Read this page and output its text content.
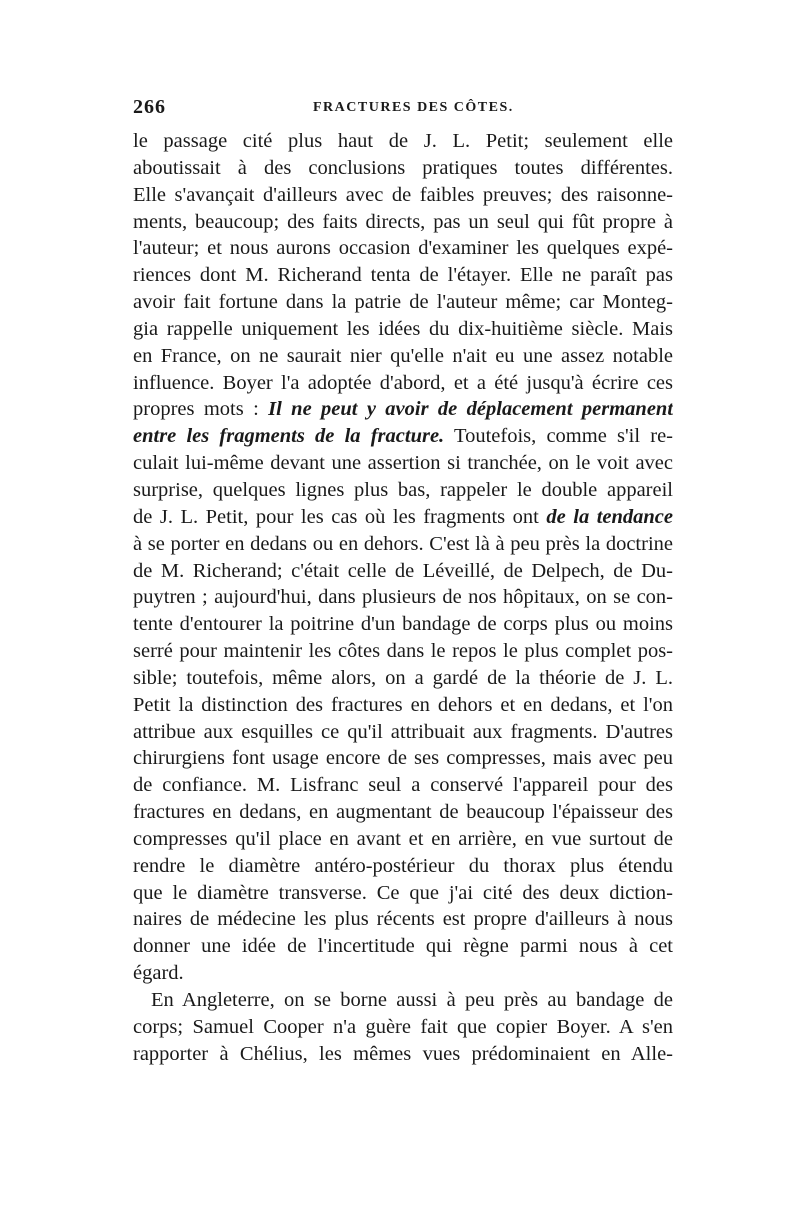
266	FRACTURES DES CÔTES.
le passage cité plus haut de J. L. Petit; seulement elle
aboutissait à des conclusions pratiques toutes différentes.
Elle s'avançait d'ailleurs avec de faibles preuves; des raisonne-
ments, beaucoup; des faits directs, pas un seul qui fût propre à
l'auteur; et nous aurons occasion d'examiner les quelques expé-
riences dont M. Richerand tenta de l'étayer. Elle ne paraît pas
avoir fait fortune dans la patrie de l'auteur même; car Monteg-
gia rappelle uniquement les idées du dix-huitième siècle. Mais
en France, on ne saurait nier qu'elle n'ait eu une assez notable
influence. Boyer l'a adoptée d'abord, et a été jusqu'à écrire ces
propres mots : Il ne peut y avoir de déplacement permanent
entre les fragments de la fracture. Toutefois, comme s'il re-
culait lui-même devant une assertion si tranchée, on le voit avec
surprise, quelques lignes plus bas, rappeler le double appareil
de J. L. Petit, pour les cas où les fragments ont de la tendance
à se porter en dedans ou en dehors. C'est là à peu près la doctrine
de M. Richerand; c'était celle de Léveillé, de Delpech, de Du-
puytren ; aujourd'hui, dans plusieurs de nos hôpitaux, on se con-
tente d'entourer la poitrine d'un bandage de corps plus ou moins
serré pour maintenir les côtes dans le repos le plus complet pos-
sible; toutefois, même alors, on a gardé de la théorie de J. L.
Petit la distinction des fractures en dehors et en dedans, et l'on
attribue aux esquilles ce qu'il attribuait aux fragments. D'autres
chirurgiens font usage encore de ses compresses, mais avec peu
de confiance. M. Lisfranc seul a conservé l'appareil pour des
fractures en dedans, en augmentant de beaucoup l'épaisseur des
compresses qu'il place en avant et en arrière, en vue surtout de
rendre le diamètre antéro-postérieur du thorax plus étendu
que le diamètre transverse. Ce que j'ai cité des deux diction-
naires de médecine les plus récents est propre d'ailleurs à nous
donner une idée de l'incertitude qui règne parmi nous à cet
égard.
En Angleterre, on se borne aussi à peu près au bandage de
corps; Samuel Cooper n'a guère fait que copier Boyer. A s'en
rapporter à Chélius, les mêmes vues prédominaient en Alle-
